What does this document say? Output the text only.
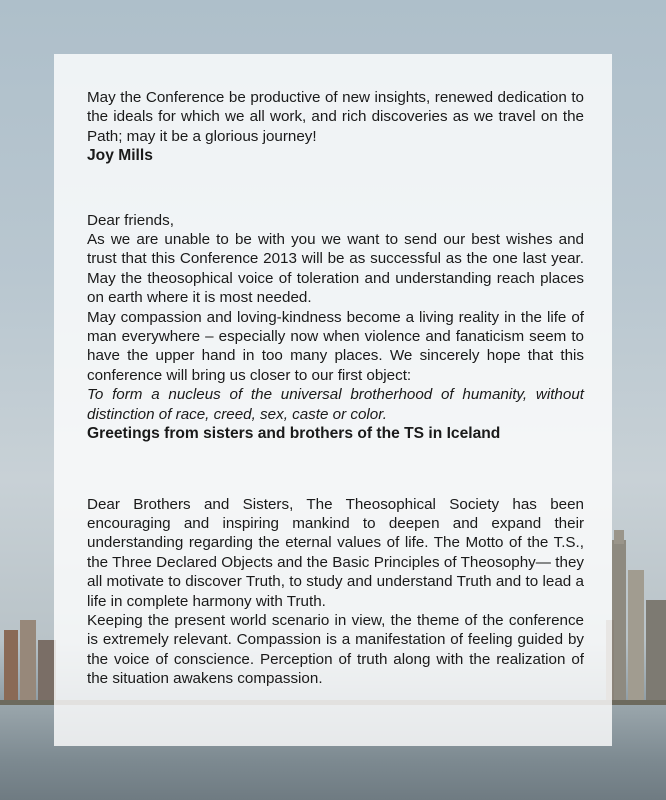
May the Conference be productive of new insights, renewed dedication to the ideals for which we all work, and rich discoveries as we travel on the Path; may it be a glorious journey!

Joy Mills

Dear friends,

As we are unable to be with you we want to send our best wishes and trust that this Conference 2013 will be as successful as the one last year. May the theosophical voice of toleration and understanding reach places on earth where it is most needed.

May compassion and loving-kindness become a living reality in the life of man everywhere – especially now when violence and fanaticism seem to have the upper hand in too many places. We sincerely hope that this conference will bring us closer to our first object:

To form a nucleus of the universal brotherhood of humanity, without distinction of race, creed, sex, caste or color.

Greetings from sisters and brothers of the TS in Iceland

Dear Brothers and Sisters, The Theosophical Society has been encouraging and inspiring mankind to deepen and expand their understanding regarding the eternal values of life. The Motto of the T.S., the Three Declared Objects and the Basic Principles of Theosophy— they all motivate to discover Truth, to study and understand Truth and to lead a life in complete harmony with Truth.

Keeping the present world scenario in view, the theme of the conference is extremely relevant. Compassion is a manifestation of feeling guided by the voice of conscience. Perception of truth along with the realization of the situation awakens compassion.
